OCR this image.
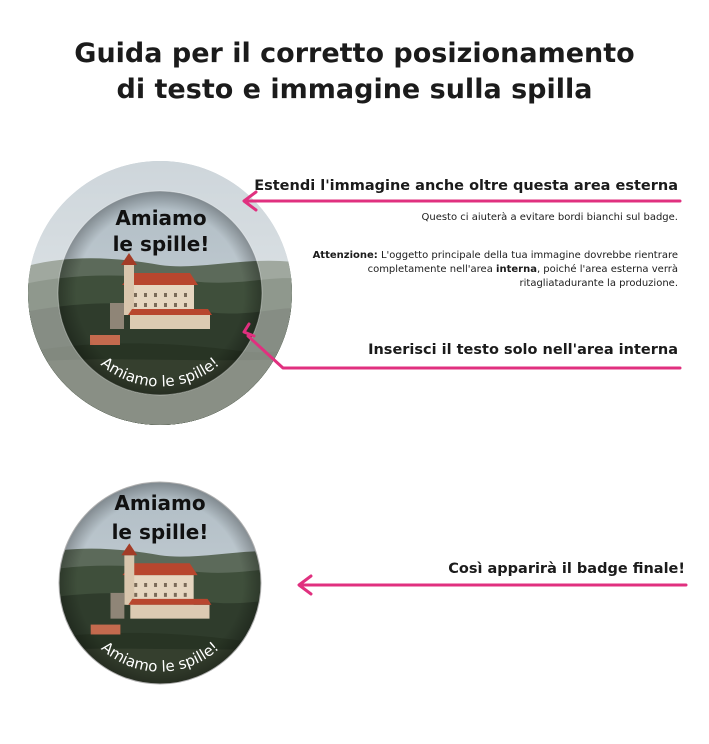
Guida per il corretto posizionamento
di testo e immagine sulla spilla
Amiamo
le spille!
Amiamo le spille!
Amiamo
le spille!
Amiamo le spille!
Estendi l'immagine anche oltre questa area esterna
Questo ci aiuterà a evitare bordi bianchi sul badge.
Attenzione: L'oggetto principale della tua immagine dovrebbe rientrare completamente nell'area interna, poiché l'area esterna verrà ritagliatadurante la produzione.
Inserisci il testo solo nell'area interna
Così apparirà il badge finale!
